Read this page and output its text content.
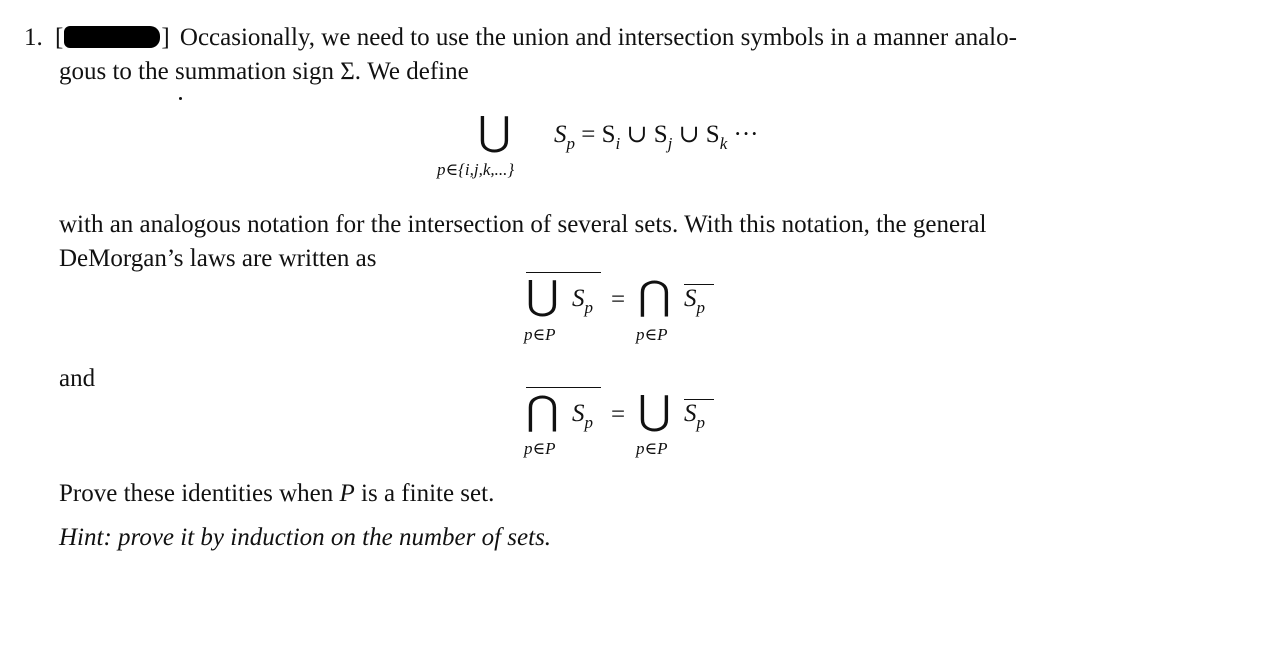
1. [	] Occasionally, we need to use the union and intersection symbols in a manner analo-
gous to the summation sign Σ. We define
⋃
p∈{i,j,k,...}
$S_p = S_i$ ∪ $S_j$ ∪ $S_k$ ···
with an analogous notation for the intersection of several sets. With this notation, the general
DeMorgan’s laws are written as
⋃ $S_p$ = ⋂ $S_p$
p∈P	p∈P
and
⋂ $S_p$ = ⋃ $S_p$
p∈P	p∈P
Prove these identities when P is a finite set.
Hint: prove it by induction on the number of sets.
